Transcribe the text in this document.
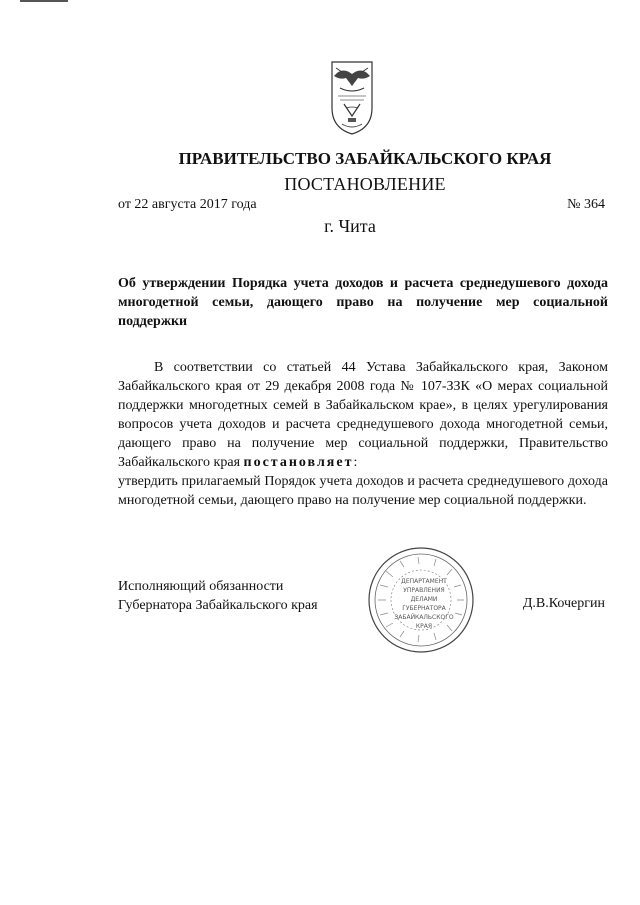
ПРАВИТЕЛЬСТВО ЗАБАЙКАЛЬСКОГО КРАЯ
ПОСТАНОВЛЕНИЕ
от 22 августа 2017 года	№ 364
г. Чита
Об утверждении Порядка учета доходов и расчета среднедушевого дохода многодетной семьи, дающего право на получение мер социальной поддержки
В соответствии со статьей 44 Устава Забайкальского края, Законом Забайкальского края от 29 декабря 2008 года № 107-ЗЗК «О мерах социальной поддержки многодетных семей в Забайкальском крае», в целях урегулирования вопросов учета доходов и расчета среднедушевого дохода многодетной семьи, дающего право на получение мер социальной поддержки, Правительство Забайкальского края постановляет:
утвердить прилагаемый Порядок учета доходов и расчета среднедушевого дохода многодетной семьи, дающего право на получение мер социальной поддержки.
Исполняющий обязанности
Губернатора Забайкальского края
ДЕПАРТАМЕНТ
УПРАВЛЕНИЯ
ДЕЛАМИ
ГУБЕРНАТОРА
ЗАБАЙКАЛЬСКОГО
КРАЯ
Д.В.Кочергин
